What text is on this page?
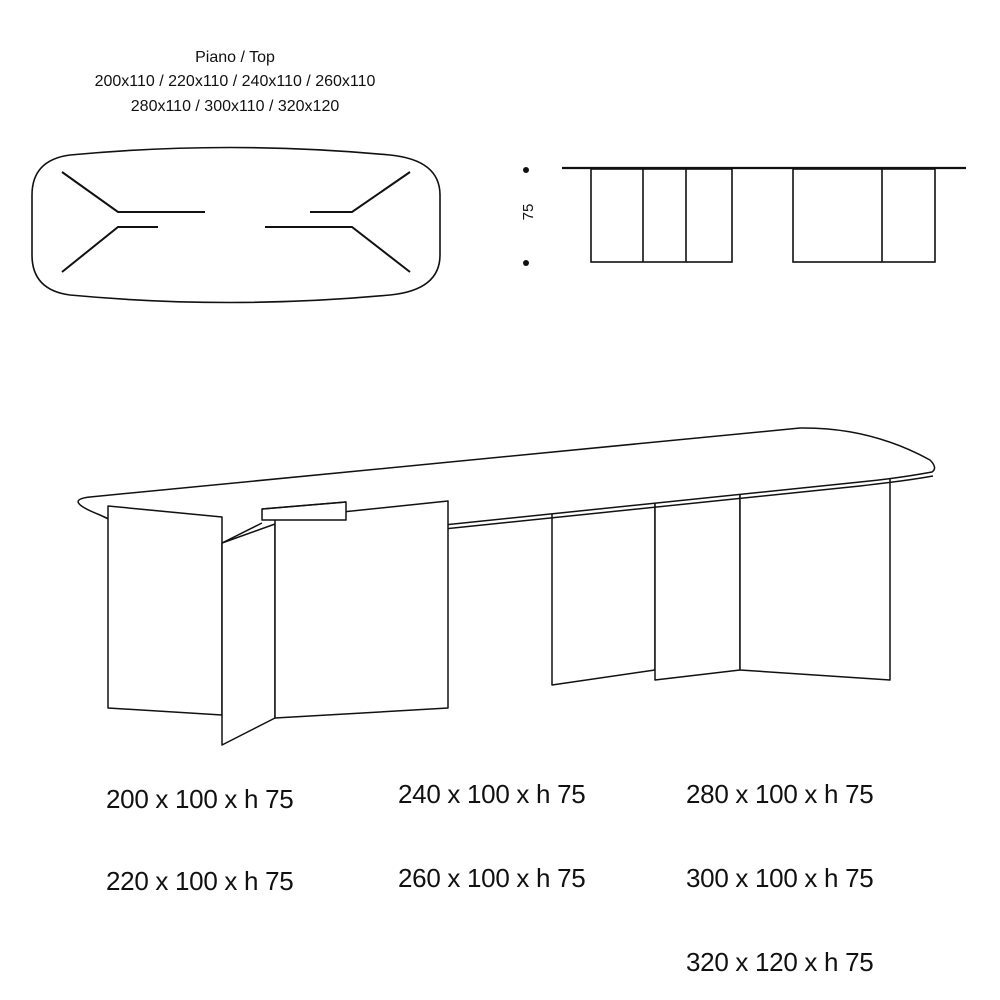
Piano / Top
200x110 / 220x110 / 240x110 / 260x110
280x110 / 300x110 / 320x120
75
200 x 100 x h 75
220 x 100 x h 75
240 x 100 x h 75
260 x 100 x h 75
280 x 100 x h 75
300 x 100 x h 75
320 x 120 x h 75
